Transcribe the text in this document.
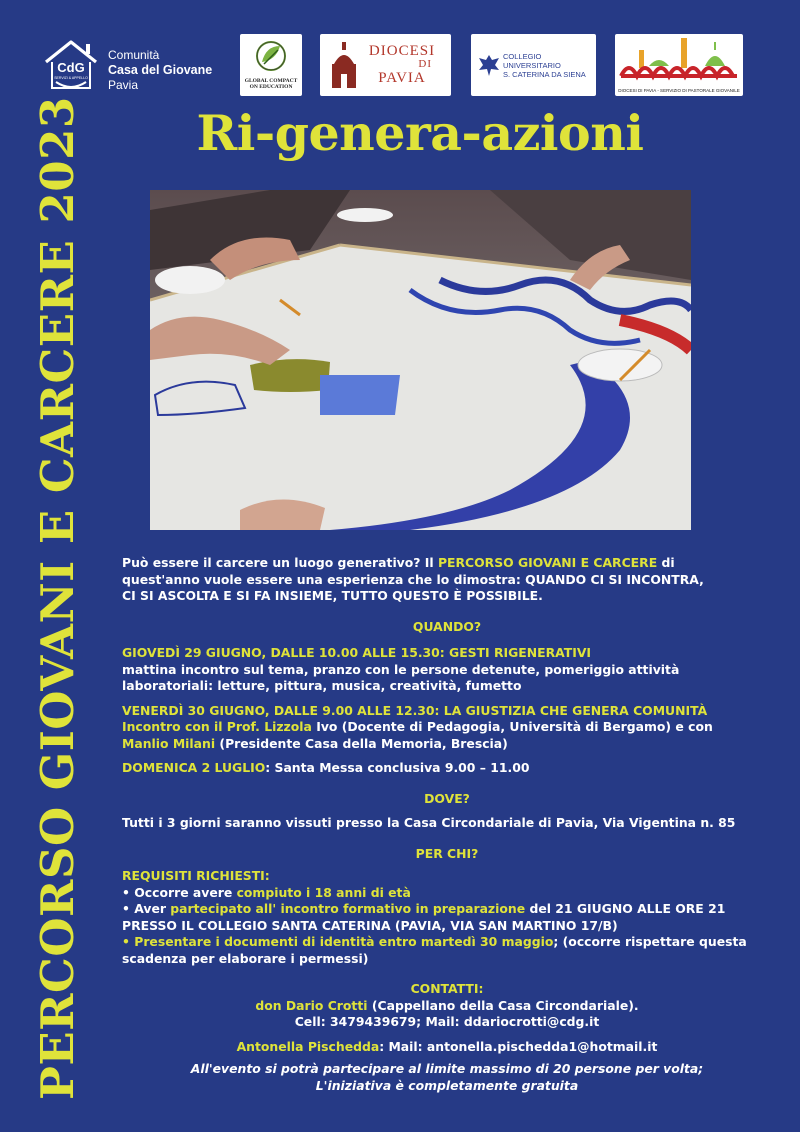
CdG
SERVIZI & APPELLO
Comunità
Casa del Giovane
Pavia	GLOBAL COMPACT
ON EDUCATION
DIOCESI
DI
PAVIA
COLLEGIO
UNIVERSITARIO
S. CATERINA DA SIENA
DIOCESI DI PAVIA - SERVIZIO DI PASTORALE GIOVANILE
PERCORSO GIOVANI E CARCERE 2023	Ri-genera-azioni

Può essere il carcere un luogo generativo? Il PERCORSO GIOVANI E CARCERE di

quest'anno vuole essere una esperienza che lo dimostra: QUANDO CI SI INCONTRA,

CI SI ASCOLTA E SI FA INSIEME, TUTTO QUESTO È POSSIBILE.

QUANDO?

GIOVEDÌ 29 GIUGNO, DALLE 10.00 ALLE 15.30: GESTI RIGENERATIVI

mattina incontro sul tema, pranzo con le persone detenute, pomeriggio attività

laboratoriali: letture, pittura, musica, creatività, fumetto

VENERDÌ 30 GIUGNO, DALLE 9.00 ALLE 12.30: LA GIUSTIZIA CHE GENERA COMUNITÀ

Incontro con il Prof. Lizzola Ivo (Docente di Pedagogia, Università di Bergamo) e con

Manlio Milani (Presidente Casa della Memoria, Brescia)

DOMENICA 2 LUGLIO: Santa Messa conclusiva 9.00 – 11.00

DOVE?

Tutti i 3 giorni saranno vissuti presso la Casa Circondariale di Pavia, Via Vigentina n. 85

PER CHI?

REQUISITI RICHIESTI:

• Occorre avere compiuto i 18 anni di età

• Aver partecipato all' incontro formativo in preparazione del 21 GIUGNO ALLE ORE 21

PRESSO IL COLLEGIO SANTA CATERINA (PAVIA, VIA SAN MARTINO 17/B)

• Presentare i documenti di identità entro martedì 30 maggio; (occorre rispettare questa

scadenza per elaborare i permessi)

CONTATTI:

don Dario Crotti (Cappellano della Casa Circondariale).

Cell: 3479439679; Mail: ddariocrotti@cdg.it

Antonella Pischedda: Mail: antonella.pischedda1@hotmail.it

All'evento si potrà partecipare al limite massimo di 20 persone per volta;

L'iniziativa è completamente gratuita
